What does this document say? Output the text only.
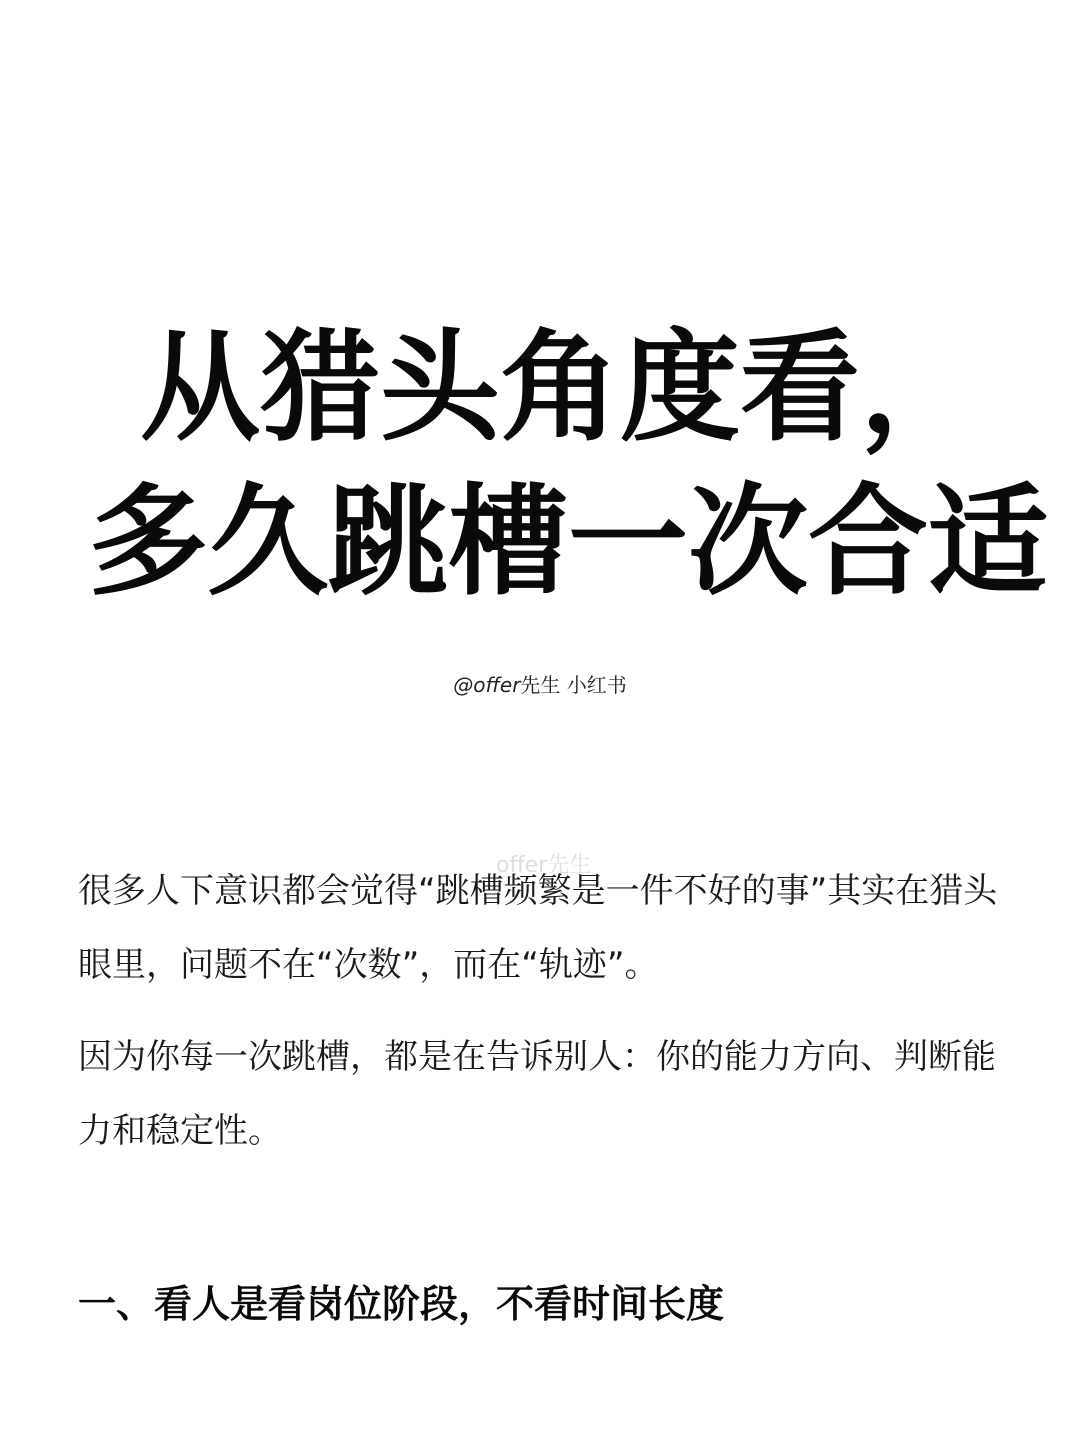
从猎头角度看，
多久跳槽一次合适
@offer先生 小红书
offer先生

很多人下意识都会觉得“跳槽频繁是一件不好的事”其实在猎头眼里，问题不在“次数”，而在“轨迹”。

因为你每一次跳槽，都是在告诉别人：你的能力方向、判断能力和稳定性。

一、看人是看岗位阶段，不看时间长度
